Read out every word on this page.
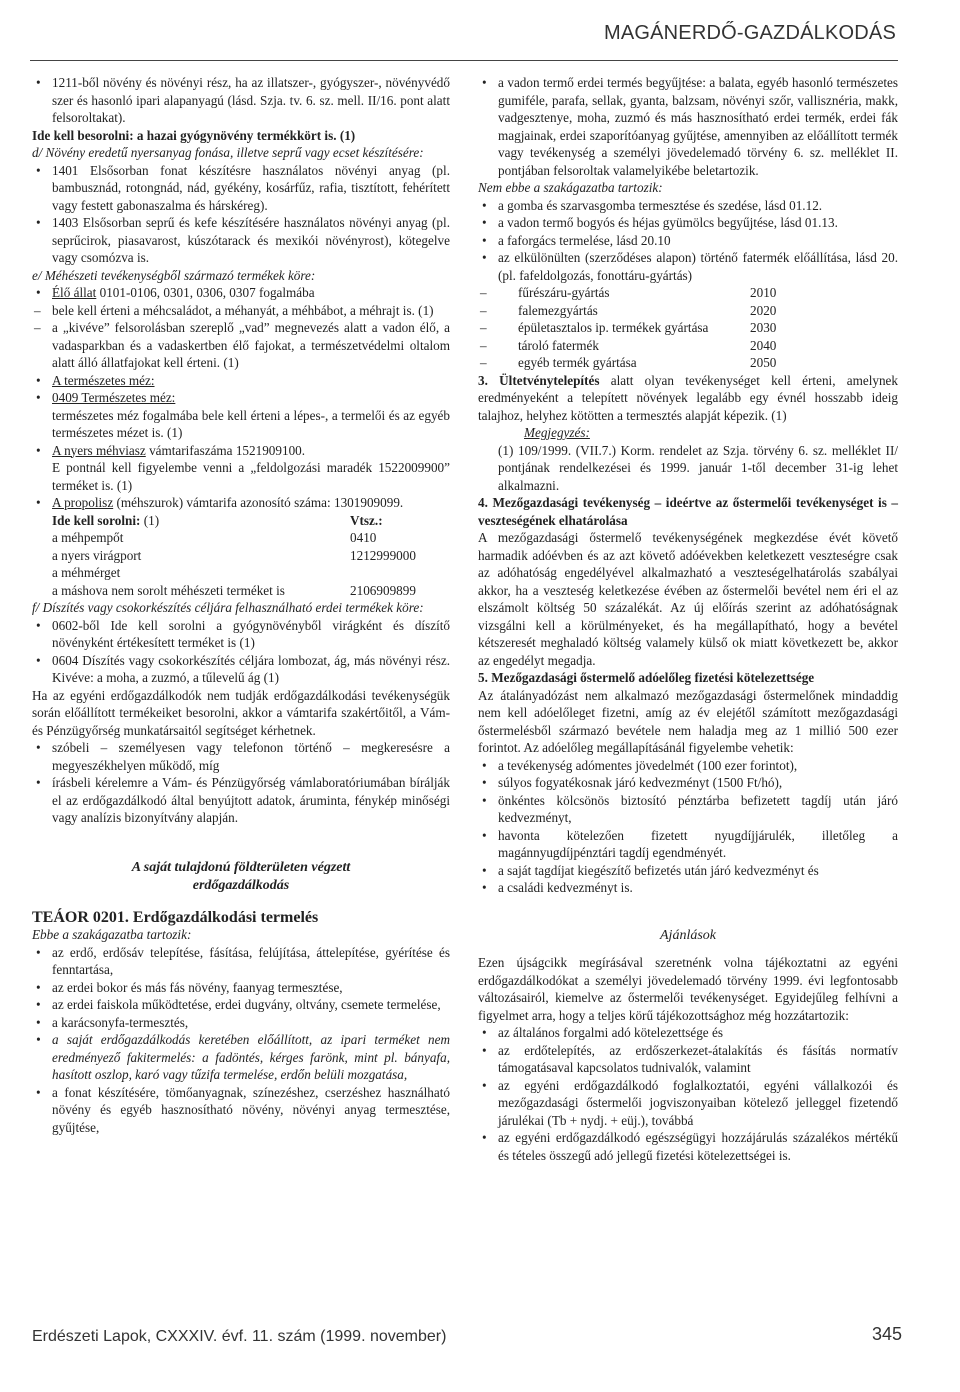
MAGÁNERDŐ-GAZDÁLKODÁS

• 1211-ből növény és növényi rész, ha az illatszer-, gyógyszer-, növényvédő szer és hasonló ipari alapanyagú (lásd. Szja. tv. 6. sz. mell. II/16. pont alatt felsoroltakat).

Ide kell besorolni: a hazai gyógynövény termékkört is. (1)

d/ Növény eredetű nyersanyag fonása, illetve seprű vagy ecset készítésére:

• 1401 Elsősorban fonat készítésre használatos növényi anyag (pl. bambusznád, rotongnád, nád, gyékény, kosárfűz, rafia, tisztított, fehérített vagy festett gabonaszalma és hárskéreg).

• 1403 Elsősorban seprű és kefe készítésére használatos növényi anyag (pl. seprűcirok, piasavarost, kúszótarack és mexikói növényrost), kötegelve vagy csomózva is.

e/ Méhészeti tevékenységből származó termékek köre:

• Élő állat 0101-0106, 0301, 0306, 0307 fogalmába

– bele kell érteni a méhcsaládot, a méhanyát, a méhbábot, a méhrajt is. (1)

– a „kivéve” felsorolásban szereplő „vad” megnevezés alatt a vadon élő, a vadasparkban és a vadaskertben élő fajokat, a természetvédelmi oltalom alatt álló állatfajokat kell érteni. (1)

• A természetes méz:

• 0409 Természetes méz:

természetes méz fogalmába bele kell érteni a lépes-, a termelői és az egyéb természetes mézet is. (1)

• A nyers méhviasz vámtarifaszáma 1521909100.

E pontnál kell figyelembe venni a „feldolgozási maradék 1522009900” terméket is. (1)

• A propolisz (méhszurok) vámtarifa azonosító száma: 1301909099.

Ide kell sorolni: (1)	Vtsz.:

a méhpempőt	0410

a nyers virágport	1212999000

a méhmérget

a máshova nem sorolt méhészeti terméket is	2106909899

f/ Díszítés vagy csokorkészítés céljára felhasználható erdei termékek köre:

• 0602-ből Ide kell sorolni a gyógynövényből virágként és díszítő növényként értékesített terméket is (1)

• 0604 Díszítés vagy csokorkészítés céljára lombozat, ág, más növényi rész. Kivéve: a moha, a zuzmó, a tűlevelű ág (1)

Ha az egyéni erdőgazdálkodók nem tudják erdőgazdálkodási tevékenységük során előállított termékeiket besorolni, akkor a vámtarifa szakértőitől, a Vám- és Pénzügyőrség munkatársaitól segítséget kérhetnek.

• szóbeli – személyesen vagy telefonon történő – megkeresésre a megyeszékhelyen működő, míg

• írásbeli kérelemre a Vám- és Pénzügyőrség vámlaboratóriumában bírálják el az erdőgazdálkodó által benyújtott adatok, áruminta, fénykép minőségi vagy analízis bizonyítvány alapján.

A saját tulajdonú földterületen végzett erdőgazdálkodás

TEÁOR 0201. Erdőgazdálkodási termelés

Ebbe a szakágazatba tartozik:

• az erdő, erdősáv telepítése, fásítása, felújítása, áttelepítése, gyérítése és fenntartása,

• az erdei bokor és más fás növény, faanyag termesztése,

• az erdei faiskola működtetése, erdei dugvány, oltvány, csemete termelése,

• a karácsonyfa-termesztés,

• a saját erdőgazdálkodás keretében előállított, az ipari terméket nem eredményező fakitermelés: a fadöntés, kérges farönk, mint pl. bányafa, hasított oszlop, karó vagy tűzifa termelése, erdőn belüli mozgatása,

• a fonat készítésére, tömőanyagnak, színezéshez, cserzéshez használható növény és egyéb hasznosítható növény, növényi anyag termesztése, gyűjtése,

• a vadon termő erdei termés begyűjtése: a balata, egyéb hasonló természetes gumiféle, parafa, sellak, gyanta, balzsam, növényi szőr, vallisznéria, makk, vadgesztenye, moha, zuzmó és más hasznosítható erdei termék, erdei fák magjainak, erdei szaporítóanyag gyűjtése, amennyiben az előállított termék vagy tevékenység a személyi jövedelemadó törvény 6. sz. melléklet II. pontjában felsoroltak valamelyikébe beletartozik.

Nem ebbe a szakágazatba tartozik:

• a gomba és szarvasgomba termesztése és szedése, lásd 01.12.

• a vadon termő bogyós és héjas gyümölcs begyűjtése, lásd 01.13.

• a faforgács termelése, lásd 20.10

• az elkülönülten (szerződéses alapon) történő fatermék előállítása, lásd 20. (pl. fafeldolgozás, fonottáru-gyártás)

– fűrészáru-gyártás	2010

– falemezgyártás	2020

– épületasztalos ip. termékek gyártása	2030

– tároló fatermék	2040

– egyéb termék gyártása	2050

3. Ültetvénytelepítés alatt olyan tevékenységet kell érteni, amelynek eredményeként a telepített növények legalább egy évnél hosszabb ideig talajhoz, helyhez kötötten a termesztés alapját képezik. (1)

Megjegyzés:

(1) 109/1999. (VII.7.) Korm. rendelet az Szja. törvény 6. sz. melléklet II/ pontjának rendelkezései és 1999. január 1-től december 31-ig lehet alkalmazni.

4. Mezőgazdasági tevékenység – ideértve az őstermelői tevékenységet is – veszteségének elhatárolása

A mezőgazdasági őstermelő tevékenységének megkezdése évét követő harmadik adóévben és az azt követő adóévekben keletkezett veszteségre csak az adóhatóság engedélyével alkalmazható a veszteségelhatárolás szabályai akkor, ha a veszteség keletkezése évében az őstermelői bevétel nem éri el az elszámolt költség 50 százalékát. Az új előírás szerint az adóhatóságnak vizsgálni kell a körülményeket, és ha megállapítható, hogy a bevétel kétszeresét meghaladó költség valamely külső ok miatt következett be, akkor az engedélyt megadja.

5. Mezőgazdasági őstermelő adóelőleg fizetési kötelezettsége

Az átalányadózást nem alkalmazó mezőgazdasági őstermelőnek mindaddig nem kell adóelőleget fizetni, amíg az év elejétől számított mezőgazdasági őstermelésből származó bevétele nem haladja meg az 1 millió 500 ezer forintot. Az adóelőleg megállapításánál figyelembe vehetik:

• a tevékenység adómentes jövedelmét (100 ezer forintot),

• súlyos fogyatékosnak járó kedvezményt (1500 Ft/hó),

• önkéntes kölcsönös biztosító pénztárba befizetett tagdíj után járó kedvezményt,

• havonta kötelezően fizetett nyugdíjjárulék, illetőleg a magánnyugdíjpénztári tagdíj egendményét.

• a saját tagdíjat kiegészítő befizetés után járó kedvezményt és

• a családi kedvezményt is.

Ajánlások

Ezen újságcikk megírásával szeretnénk volna tájékoztatni az egyéni erdőgazdálkodókat a személyi jövedelemadó törvény 1999. évi legfontosabb változásairól, kiemelve az őstermelői tevékenységet. Egyidejűleg felhívni a figyelmet arra, hogy a teljes körű tájékozottsághoz még hozzátartozik:

• az általános forgalmi adó kötelezettsége és

• az erdőtelepítés, az erdőszerkezet-átalakítás és fásítás normatív támogatásaval kapcsolatos tudnivalók, valamint

• az egyéni erdőgazdálkodó foglalkoztatói, egyéni vállalkozói és mezőgazdasági őstermelői jogviszonyaiban kötelező jelleggel fizetendő járulékai (Tb + nydj. + eüj.), továbbá

• az egyéni erdőgazdálkodó egészségügyi hozzájárulás százalékos mértékű és tételes összegű adó jellegű fizetési kötelezettségei is.

Erdészeti Lapok, CXXXIV. évf. 11. szám (1999. november)	345
